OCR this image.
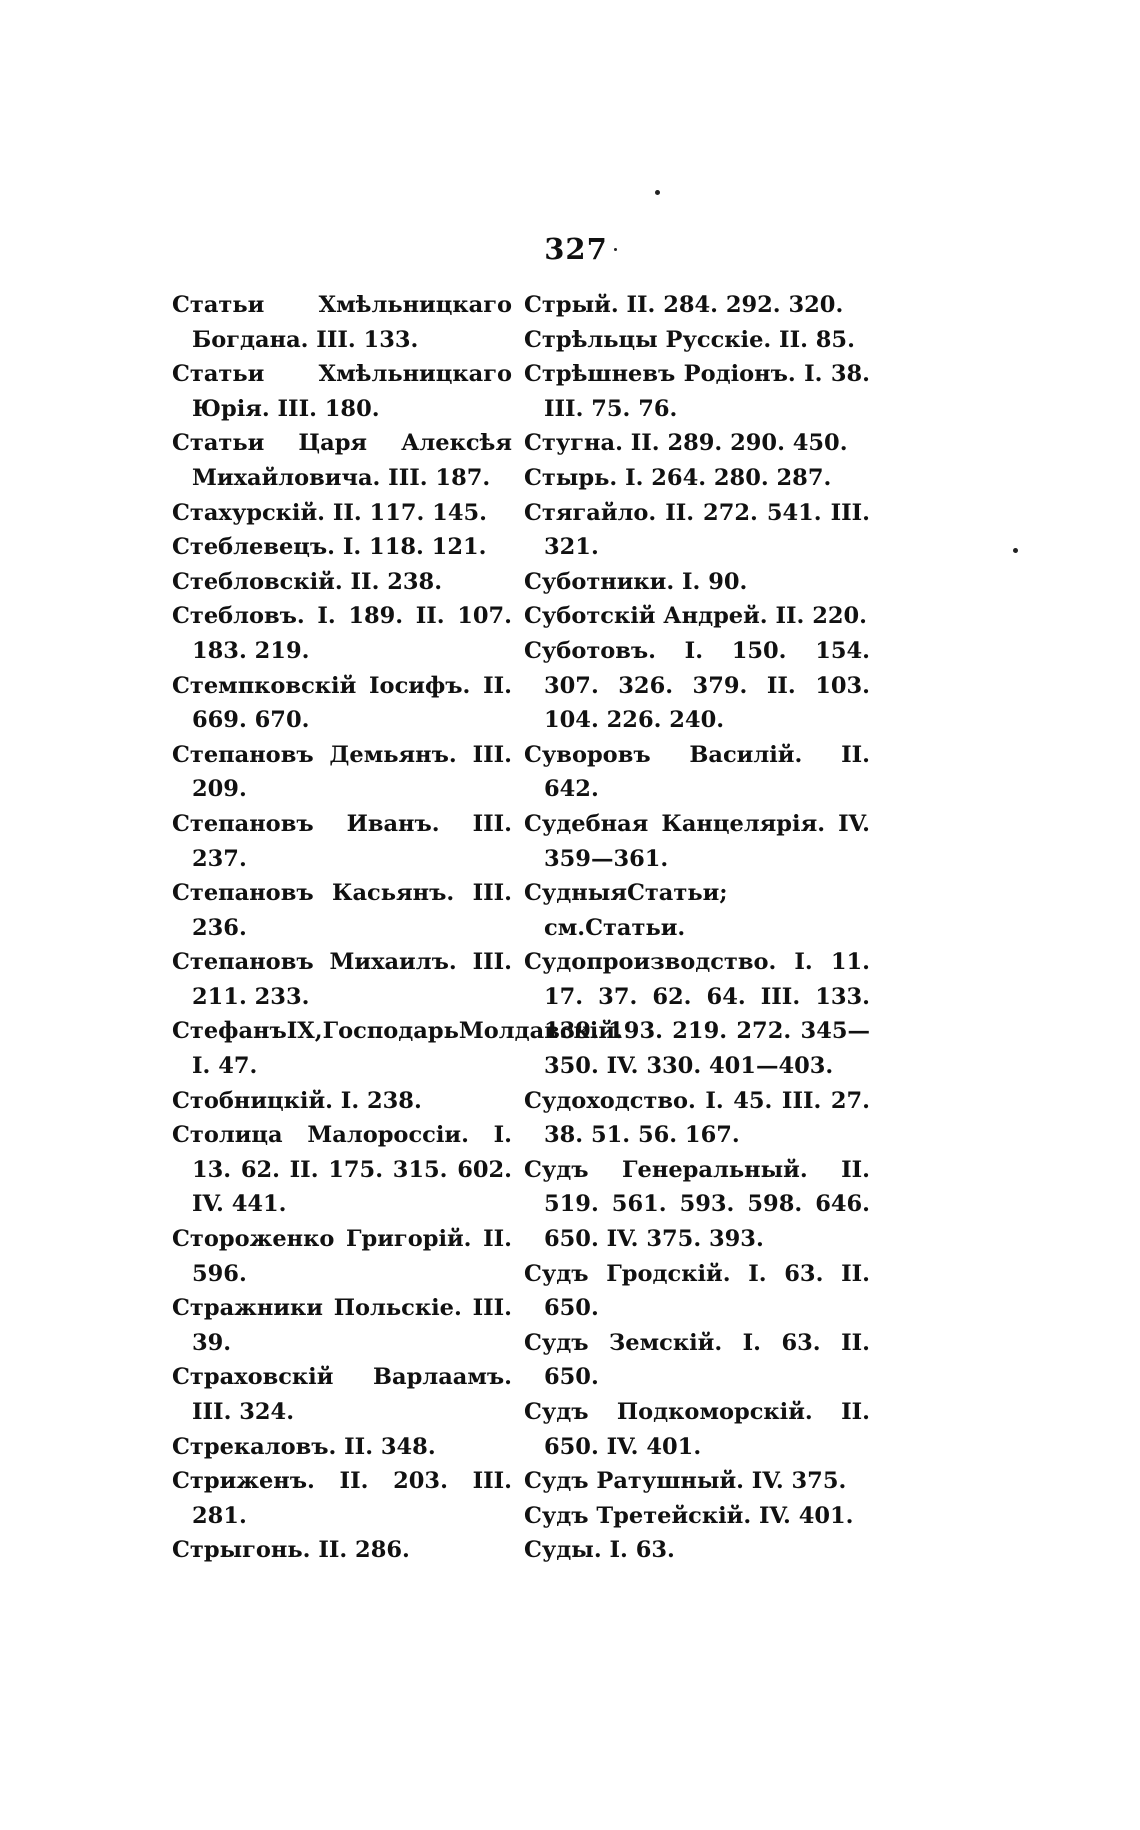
327
Статьи Хмѣльницкаго Богдана. III. 133.
Статьи Хмѣльницкаго Юрія. III. 180.
Статьи Царя Алексѣя Михайловича. III. 187.
Стахурскій. II. 117. 145.
Стеблевецъ. I. 118. 121.
Стебловскій. II. 238.
Стебловъ. I. 189. II. 107. 183. 219.
Стемпковскій Іосифъ. II. 669. 670.
Степановъ Демьянъ. III. 209.
Степановъ Иванъ. III. 237.
Степановъ Касьянъ. III. 236.
Степановъ Михаилъ. III. 211. 233.
СтефанъIX,ГосподарьМолдавскій. I. 47.
Стобницкій. I. 238.
Столица Малороссіи. I. 13. 62. II. 175. 315. 602. IV. 441.
Стороженко Григорій. II. 596.
Стражники Польскіе. III. 39.
Страховскій Варлаамъ. III. 324.
Стрекаловъ. II. 348.
Стриженъ. II. 203. III. 281.
Стрыгонь. II. 286.
Стрый. II. 284. 292. 320.
Стрѣльцы Русскіе. II. 85.
Стрѣшневъ Родіонъ. I. 38. III. 75. 76.
Стугна. II. 289. 290. 450.
Стырь. I. 264. 280. 287.
Стягайло. II. 272. 541. III. 321.
Суботники. I. 90.
Суботскій Андрей. II. 220.
Суботовъ. I. 150. 154. 307. 326. 379. II. 103. 104. 226. 240.
Суворовъ Василій. II. 642.
Судебная Канцелярія. IV. 359—361.
СудныяСтатьи; см.Статьи.
Судопроизводство. I. 11. 17. 37. 62. 64. III. 133. 139. 193. 219. 272. 345—350. IV. 330. 401—403.
Судоходство. I. 45. III. 27. 38. 51. 56. 167.
Судъ Генеральный. II. 519. 561. 593. 598. 646. 650. IV. 375. 393.
Судъ Гродскій. I. 63. II. 650.
Судъ Земскій. I. 63. II. 650.
Судъ Подкоморскій. II. 650. IV. 401.
Судъ Ратушный. IV. 375.
Судъ Третейскій. IV. 401.
Суды. I. 63.
